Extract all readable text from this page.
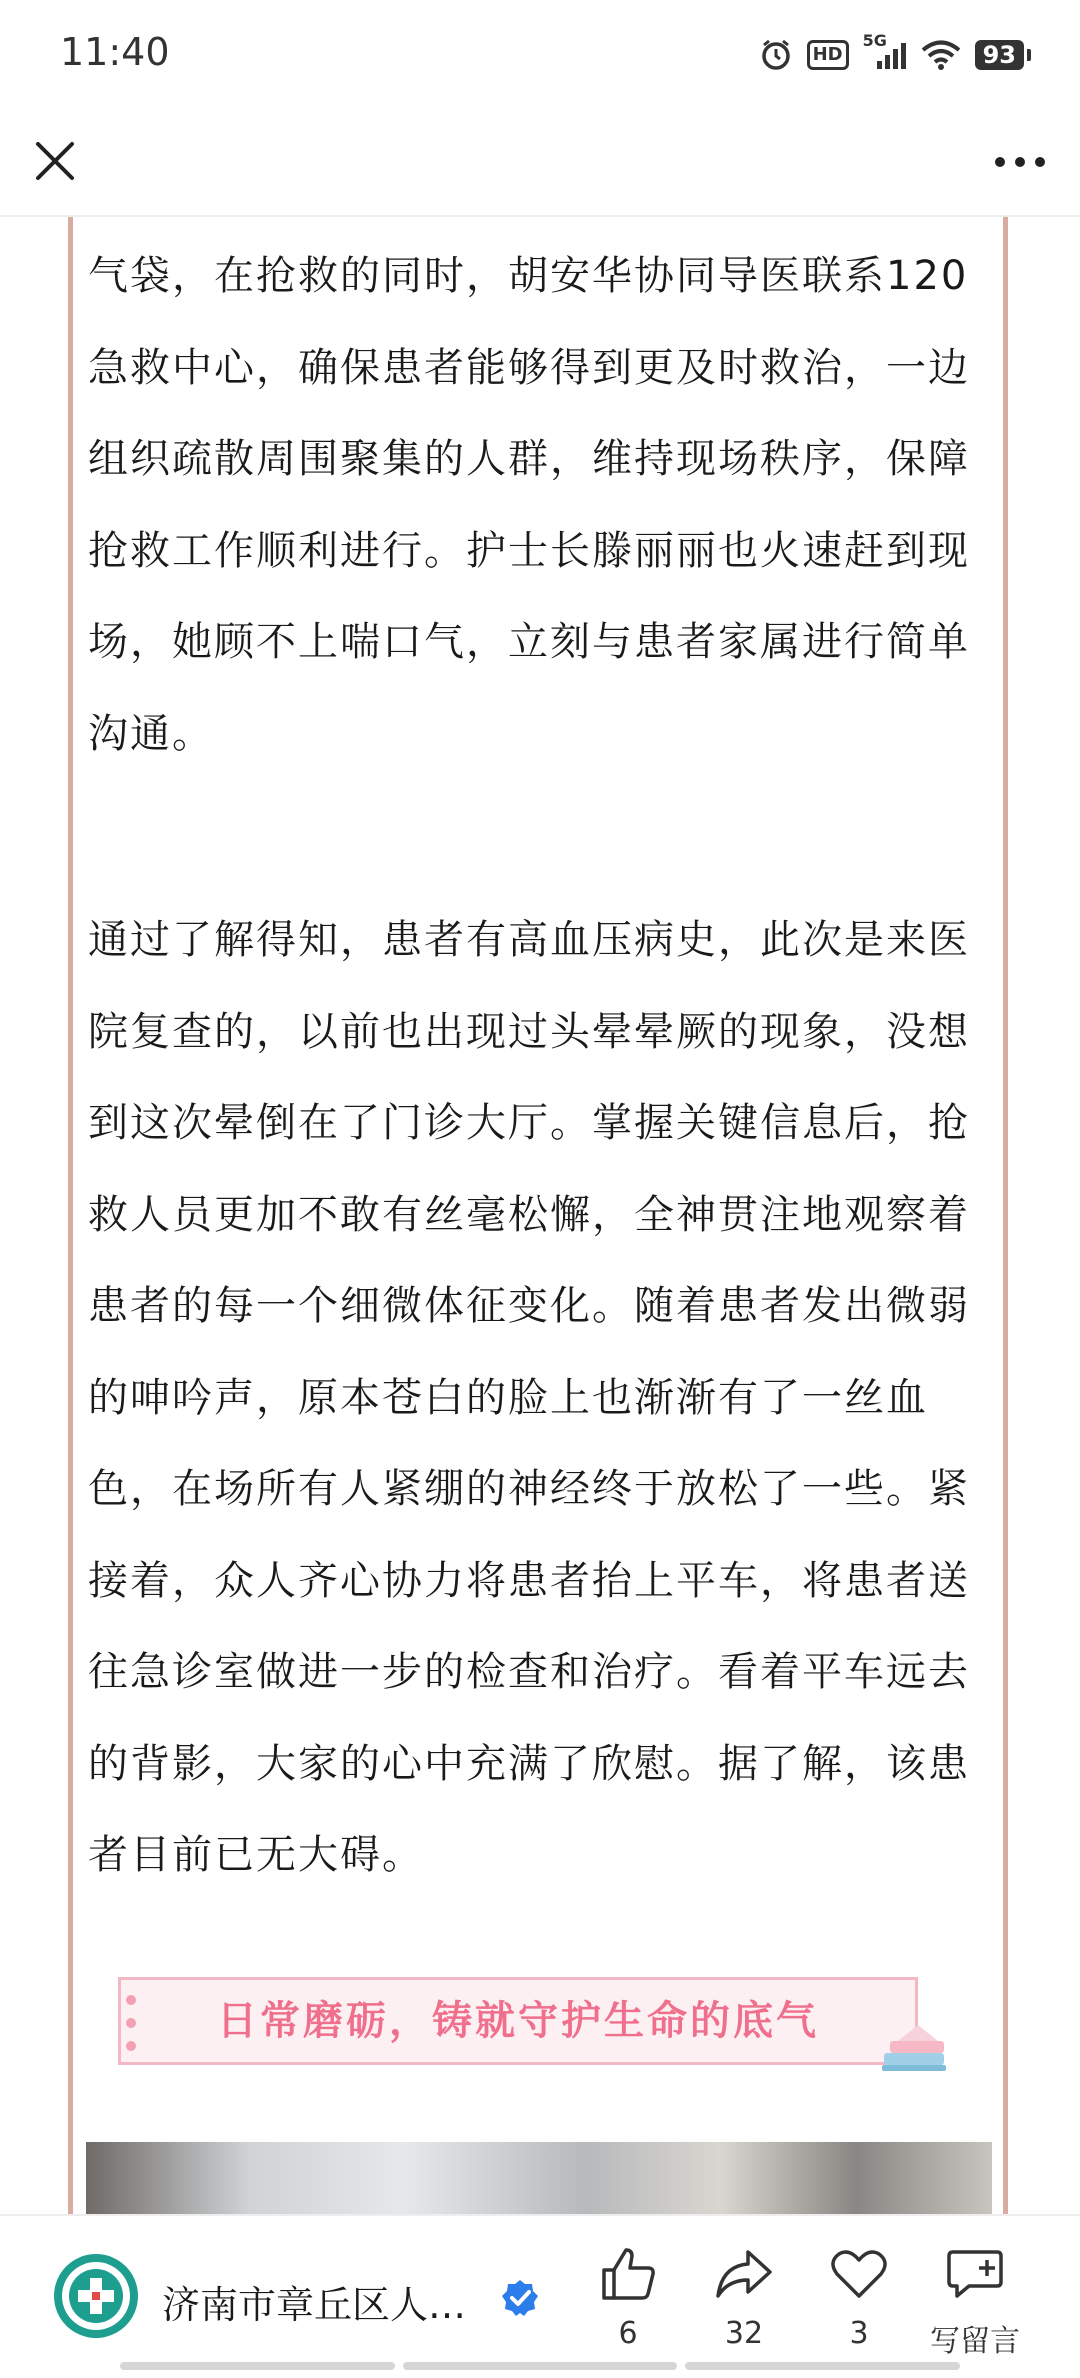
11:40	HD
5G
93

气袋，在抢救的同时，胡安华协同导医联系120急救中心，确保患者能够得到更及时救治，一边组织疏散周围聚集的人群，维持现场秩序，保障抢救工作顺利进行。护士长滕丽丽也火速赶到现场，她顾不上喘口气，立刻与患者家属进行简单沟通。

通过了解得知，患者有高血压病史，此次是来医院复查的，以前也出现过头晕晕厥的现象，没想到这次晕倒在了门诊大厅。掌握关键信息后，抢救人员更加不敢有丝毫松懈，全神贯注地观察着患者的每一个细微体征变化。随着患者发出微弱的呻吟声，原本苍白的脸上也渐渐有了一丝血色，在场所有人紧绷的神经终于放松了一些。紧接着，众人齐心协力将患者抬上平车，将患者送往急诊室做进一步的检查和治疗。看着平车远去的背影，大家的心中充满了欣慰。据了解，该患者目前已无大碍。

日常磨砺，铸就守护生命的底气
济南市章丘区人…
6	32	3	写留言
